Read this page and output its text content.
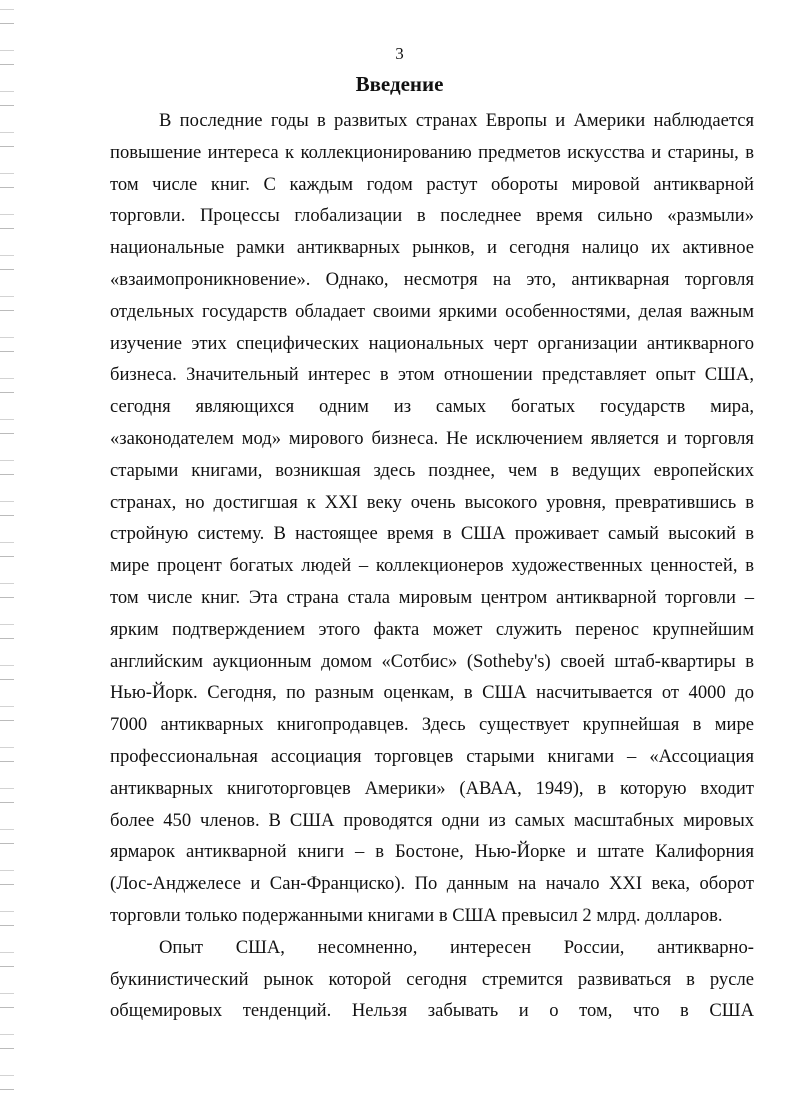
3
Введение
В последние годы в развитых странах Европы и Америки наблюдается
повышение интереса к коллекционированию предметов искусства и старины, в
том числе книг. С каждым годом растут обороты мировой антикварной
торговли. Процессы глобализации в последнее время сильно «размыли»
национальные рамки антикварных рынков, и сегодня налицо их активное
«взаимопроникновение». Однако, несмотря на это, антикварная торговля
отдельных государств обладает своими яркими особенностями, делая важным
изучение этих специфических национальных черт организации антикварного
бизнеса. Значительный интерес в этом отношении представляет опыт США,
сегодня являющихся одним из самых богатых государств мира,
«законодателем мод» мирового бизнеса. Не исключением является и торговля
старыми книгами, возникшая здесь позднее, чем в ведущих европейских
странах, но достигшая к XXI веку очень высокого уровня, превратившись в
стройную систему. В настоящее время в США проживает самый высокий в
мире процент богатых людей – коллекционеров художественных ценностей, в
том числе книг. Эта страна стала мировым центром антикварной торговли –
ярким подтверждением этого факта может служить перенос крупнейшим
английским аукционным домом «Сотбис» (Sotheby's) своей штаб-квартиры в
Нью-Йорк. Сегодня, по разным оценкам, в США насчитывается от 4000 до
7000 антикварных книгопродавцев. Здесь существует крупнейшая в мире
профессиональная ассоциация торговцев старыми книгами – «Ассоциация
антикварных книготорговцев Америки» (АВАА, 1949), в которую входит
более 450 членов. В США проводятся одни из самых масштабных мировых
ярмарок антикварной книги – в Бостоне, Нью-Йорке и штате Калифорния
(Лос-Анджелесе и Сан-Франциско). По данным на начало XXI века, оборот
торговли только подержанными книгами в США превысил 2 млрд. долларов.
Опыт США, несомненно, интересен России, антикварно-
букинистический рынок которой сегодня стремится развиваться в русле
общемировых тенденций. Нельзя забывать и о том, что в США
